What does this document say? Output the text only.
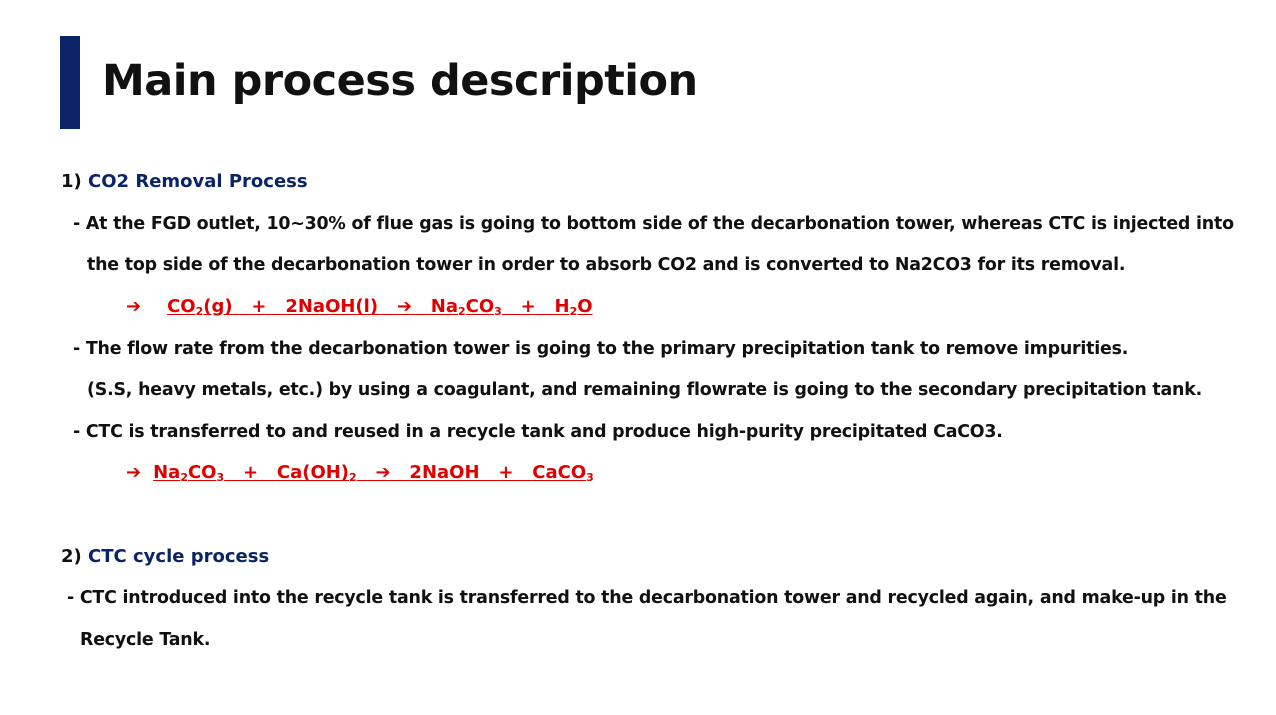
Main process description
1) CO2 Removal Process
- At the FGD outlet, 10~30% of flue gas is going to bottom side of the decarbonation tower, whereas CTC is injected into
the top side of the decarbonation tower in order to absorb CO2 and is converted to Na2CO3 for its removal.
➔ $CO_2(g)$ + 2NaOH(l) ➔ $Na_2CO_3 + H_2O$
- The flow rate from the decarbonation tower is going to the primary precipitation tank to remove impurities.
(S.S, heavy metals, etc.) by using a coagulant, and remaining flowrate is going to the secondary precipitation tank.
- CTC is transferred to and reused in a recycle tank and produce high-purity precipitated CaCO3.
➔ $Na_2CO_3 + Ca(OH)_2$ ➔ 2NaOH + CaCO$_3$
2) CTC cycle process
- CTC introduced into the recycle tank is transferred to the decarbonation tower and recycled again, and make-up in the
Recycle Tank.
